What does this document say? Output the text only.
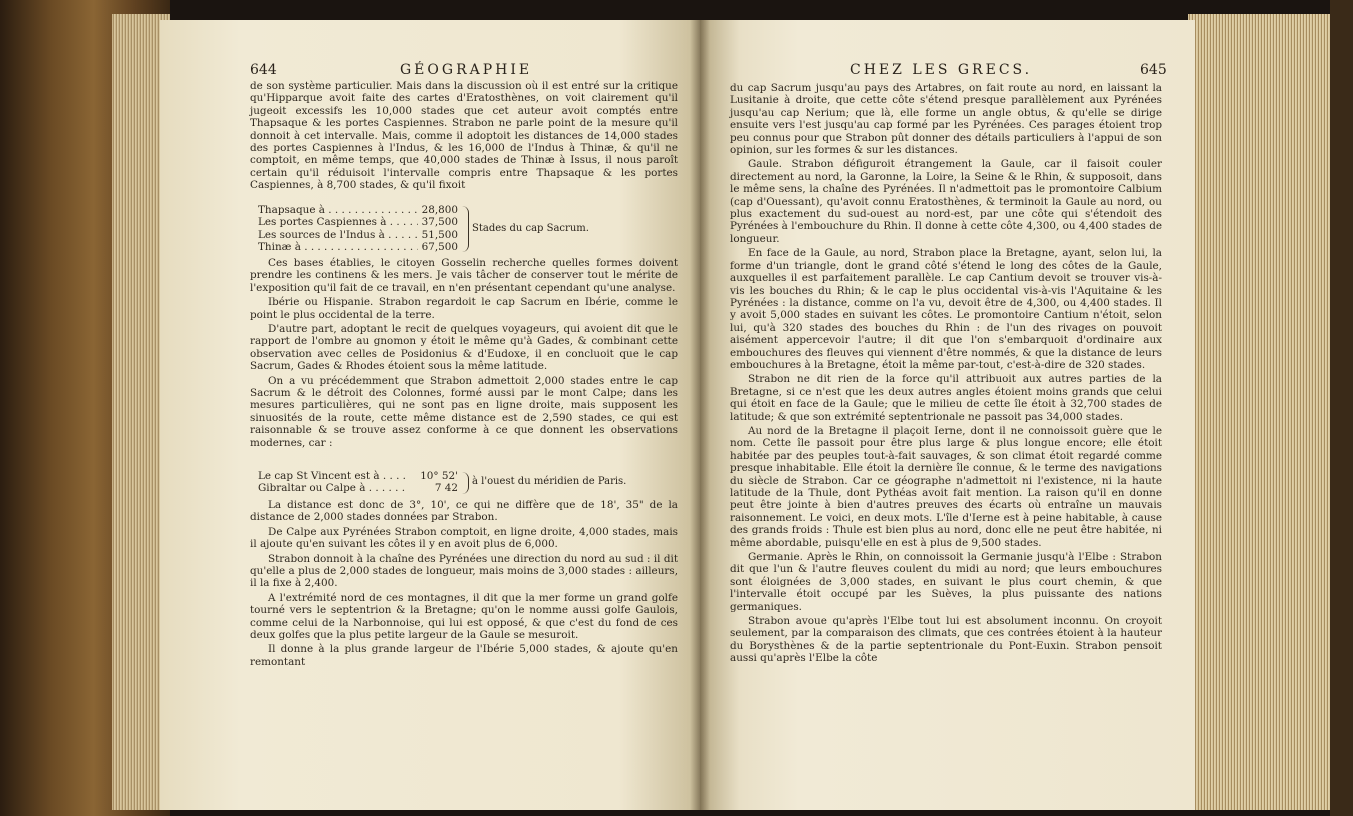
644	GÉOGRAPHIE

de son système particulier. Mais dans la discussion où il est entré sur la critique qu'Hipparque avoit faite des cartes d'Eratosthènes, on voit clairement qu'il jugeoit excessifs les 10,000 stades que cet auteur avoit comptés entre Thapsaque & les portes Caspiennes. Strabon ne parle point de la mesure qu'il donnoit à cet intervalle. Mais, comme il adoptoit les distances de 14,000 stades des portes Caspiennes à l'Indus, & les 16,000 de l'Indus à Thinæ, & qu'il ne comptoit, en même temps, que 40,000 stades de Thinæ à Issus, il nous paroît certain qu'il réduisoit l'intervalle compris entre Thapsaque & les portes Caspiennes, à 8,700 stades, & qu'il fixoit

Thapsaque à . . .	28,800
Les portes Caspiennes à . . .	37,500
Les sources de l'Indus à . . .	51,500
Thinæ à . . .	67,500
Stades du cap Sacrum.

Ces bases établies, le citoyen Gosselin recherche quelles formes doivent prendre les continens & les mers. Je vais tâcher de conserver tout le mérite de l'exposition qu'il fait de ce travail, en n'en présentant cependant qu'une analyse.

Ibérie ou Hispanie. Strabon regardoit le cap Sacrum en Ibérie, comme le point le plus occidental de la terre.

D'autre part, adoptant le recit de quelques voyageurs, qui avoient dit que le rapport de l'ombre au gnomon y étoit le même qu'à Gades, & combinant cette observation avec celles de Posidonius & d'Eudoxe, il en concluoit que le cap Sacrum, Gades & Rhodes étoient sous la même latitude.

On a vu précédemment que Strabon admettoit 2,000 stades entre le cap Sacrum & le détroit des Colonnes, formé aussi par le mont Calpe; dans les mesures particulières, qui ne sont pas en ligne droite, mais supposent les sinuosités de la route, cette même distance est de 2,590 stades, ce qui est raisonnable & se trouve assez conforme à ce que donnent les observations modernes, car :

Le cap St Vincent est à . . .	10° 52'
Gibraltar ou Calpe à . . .	7 42
à l'ouest du méridien de Paris.

La distance est donc de 3°, 10', ce qui ne diffère que de 18', 35" de la distance de 2,000 stades données par Strabon.

De Calpe aux Pyrénées Strabon comptoit, en ligne droite, 4,000 stades, mais il ajoute qu'en suivant les côtes il y en avoit plus de 6,000.

Strabon donnoit à la chaîne des Pyrénées une direction du nord au sud : il dit qu'elle a plus de 2,000 stades de longueur, mais moins de 3,000 stades : ailleurs, il la fixe à 2,400.

A l'extrémité nord de ces montagnes, il dit que la mer forme un grand golfe tourné vers le septentrion & la Bretagne; qu'on le nomme aussi golfe Gaulois, comme celui de la Narbonnoise, qui lui est opposé, & que c'est du fond de ces deux golfes que la plus petite largeur de la Gaule se mesuroit.

Il donne à la plus grande largeur de l'Ibérie 5,000 stades, & ajoute qu'en remontant

CHEZ LES GRECS.	645

du cap Sacrum jusqu'au pays des Artabres, on fait route au nord, en laissant la Lusitanie à droite, que cette côte s'étend presque parallèlement aux Pyrénées jusqu'au cap Nerium; que là, elle forme un angle obtus, & qu'elle se dirige ensuite vers l'est jusqu'au cap formé par les Pyrénées. Ces parages étoient trop peu connus pour que Strabon pût donner des détails particuliers à l'appui de son opinion, sur les formes & sur les distances.

Gaule. Strabon défiguroit étrangement la Gaule, car il faisoit couler directement au nord, la Garonne, la Loire, la Seine & le Rhin, & supposoit, dans le même sens, la chaîne des Pyrénées. Il n'admettoit pas le promontoire Calbium (cap d'Ouessant), qu'avoit connu Eratosthènes, & terminoit la Gaule au nord, ou plus exactement du sud-ouest au nord-est, par une côte qui s'étendoit des Pyrénées à l'embouchure du Rhin. Il donne à cette côte 4,300, ou 4,400 stades de longueur.

En face de la Gaule, au nord, Strabon place la Bretagne, ayant, selon lui, la forme d'un triangle, dont le grand côté s'étend le long des côtes de la Gaule, auxquelles il est parfaitement parallèle. Le cap Cantium devoit se trouver vis-à-vis les bouches du Rhin; & le cap le plus occidental vis-à-vis l'Aquitaine & les Pyrénées : la distance, comme on l'a vu, devoit être de 4,300, ou 4,400 stades. Il y avoit 5,000 stades en suivant les côtes. Le promontoire Cantium n'étoit, selon lui, qu'à 320 stades des bouches du Rhin : de l'un des rivages on pouvoit aisément appercevoir l'autre; il dit que l'on s'embarquoit d'ordinaire aux embouchures des fleuves qui viennent d'être nommés, & que la distance de leurs embouchures à la Bretagne, étoit la même par-tout, c'est-à-dire de 320 stades.

Strabon ne dit rien de la force qu'il attribuoit aux autres parties de la Bretagne, si ce n'est que les deux autres angles étoient moins grands que celui qui étoit en face de la Gaule; que le milieu de cette île étoit à 32,700 stades de latitude; & que son extrémité septentrionale ne passoit pas 34,000 stades.

Au nord de la Bretagne il plaçoit Ierne, dont il ne connoissoit guère que le nom. Cette île passoit pour être plus large & plus longue encore; elle étoit habitée par des peuples tout-à-fait sauvages, & son climat étoit regardé comme presque inhabitable. Elle étoit la dernière île connue, & le terme des navigations du siècle de Strabon. Car ce géographe n'admettoit ni l'existence, ni la haute latitude de la Thule, dont Pythéas avoit fait mention. La raison qu'il en donne peut être jointe à bien d'autres preuves des écarts où entraîne un mauvais raisonnement. Le voici, en deux mots. L'île d'Ierne est à peine habitable, à cause des grands froids : Thule est bien plus au nord, donc elle ne peut être habitée, ni même abordable, puisqu'elle en est à plus de 9,500 stades.

Germanie. Après le Rhin, on connoissoit la Germanie jusqu'à l'Elbe : Strabon dit que l'un & l'autre fleuves coulent du midi au nord; que leurs embouchures sont éloignées de 3,000 stades, en suivant le plus court chemin, & que l'intervalle étoit occupé par les Suèves, la plus puissante des nations germaniques.

Strabon avoue qu'après l'Elbe tout lui est absolument inconnu. On croyoit seulement, par la comparaison des climats, que ces contrées étoient à la hauteur du Borysthènes & de la partie septentrionale du Pont-Euxin. Strabon pensoit aussi qu'après l'Elbe la côte
